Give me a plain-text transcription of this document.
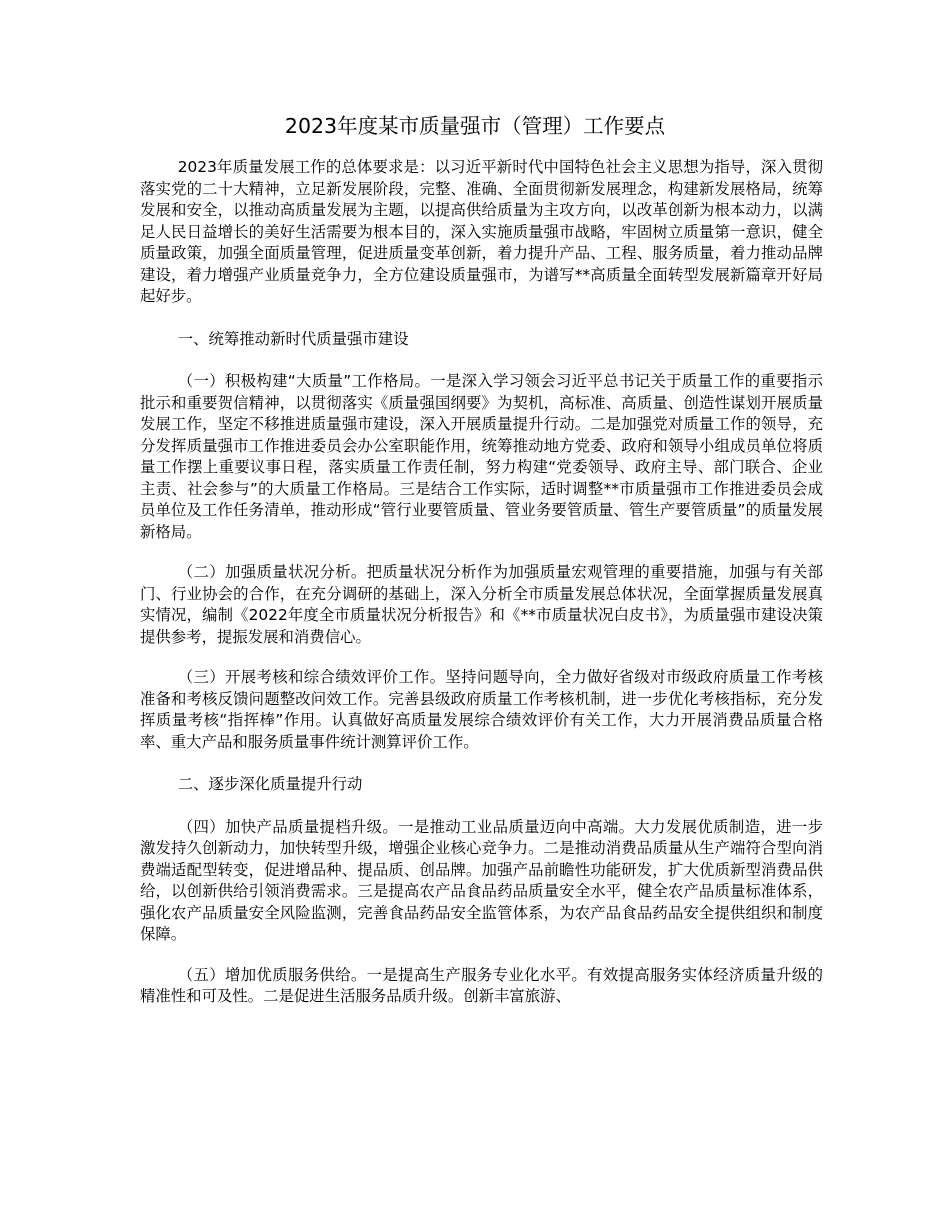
2023年度某市质量强市（管理）工作要点

2023年质量发展工作的总体要求是：以习近平新时代中国特色社会主义思想为指导，深入贯彻落实党的二十大精神，立足新发展阶段，完整、准确、全面贯彻新发展理念，构建新发展格局，统筹发展和安全，以推动高质量发展为主题，以提高供给质量为主攻方向，以改革创新为根本动力，以满足人民日益增长的美好生活需要为根本目的，深入实施质量强市战略，牢固树立质量第一意识，健全质量政策，加强全面质量管理，促进质量变革创新，着力提升产品、工程、服务质量，着力推动品牌建设，着力增强产业质量竞争力，全方位建设质量强市，为谱写**高质量全面转型发展新篇章开好局起好步。

一、统筹推动新时代质量强市建设

（一）积极构建“大质量”工作格局。一是深入学习领会习近平总书记关于质量工作的重要指示批示和重要贺信精神，以贯彻落实《质量强国纲要》为契机，高标准、高质量、创造性谋划开展质量发展工作，坚定不移推进质量强市建设，深入开展质量提升行动。二是加强党对质量工作的领导，充分发挥质量强市工作推进委员会办公室职能作用，统筹推动地方党委、政府和领导小组成员单位将质量工作摆上重要议事日程，落实质量工作责任制，努力构建“党委领导、政府主导、部门联合、企业主责、社会参与”的大质量工作格局。三是结合工作实际，适时调整**市质量强市工作推进委员会成员单位及工作任务清单，推动形成“管行业要管质量、管业务要管质量、管生产要管质量”的质量发展新格局。

（二）加强质量状况分析。把质量状况分析作为加强质量宏观管理的重要措施，加强与有关部门、行业协会的合作，在充分调研的基础上，深入分析全市质量发展总体状况，全面掌握质量发展真实情况，编制《2022年度全市质量状况分析报告》和《**市质量状况白皮书》，为质量强市建设决策提供参考，提振发展和消费信心。

（三）开展考核和综合绩效评价工作。坚持问题导向，全力做好省级对市级政府质量工作考核准备和考核反馈问题整改问效工作。完善县级政府质量工作考核机制，进一步优化考核指标，充分发挥质量考核“指挥棒”作用。认真做好高质量发展综合绩效评价有关工作，大力开展消费品质量合格率、重大产品和服务质量事件统计测算评价工作。

二、逐步深化质量提升行动

（四）加快产品质量提档升级。一是推动工业品质量迈向中高端。大力发展优质制造，进一步激发持久创新动力，加快转型升级，增强企业核心竞争力。二是推动消费品质量从生产端符合型向消费端适配型转变，促进增品种、提品质、创品牌。加强产品前瞻性功能研发，扩大优质新型消费品供给，以创新供给引领消费需求。三是提高农产品食品药品质量安全水平，健全农产品质量标准体系，强化农产品质量安全风险监测，完善食品药品安全监管体系，为农产品食品药品安全提供组织和制度保障。

（五）增加优质服务供给。一是提高生产服务专业化水平。有效提高服务实体经济质量升级的精准性和可及性。二是促进生活服务品质升级。创新丰富旅游、
